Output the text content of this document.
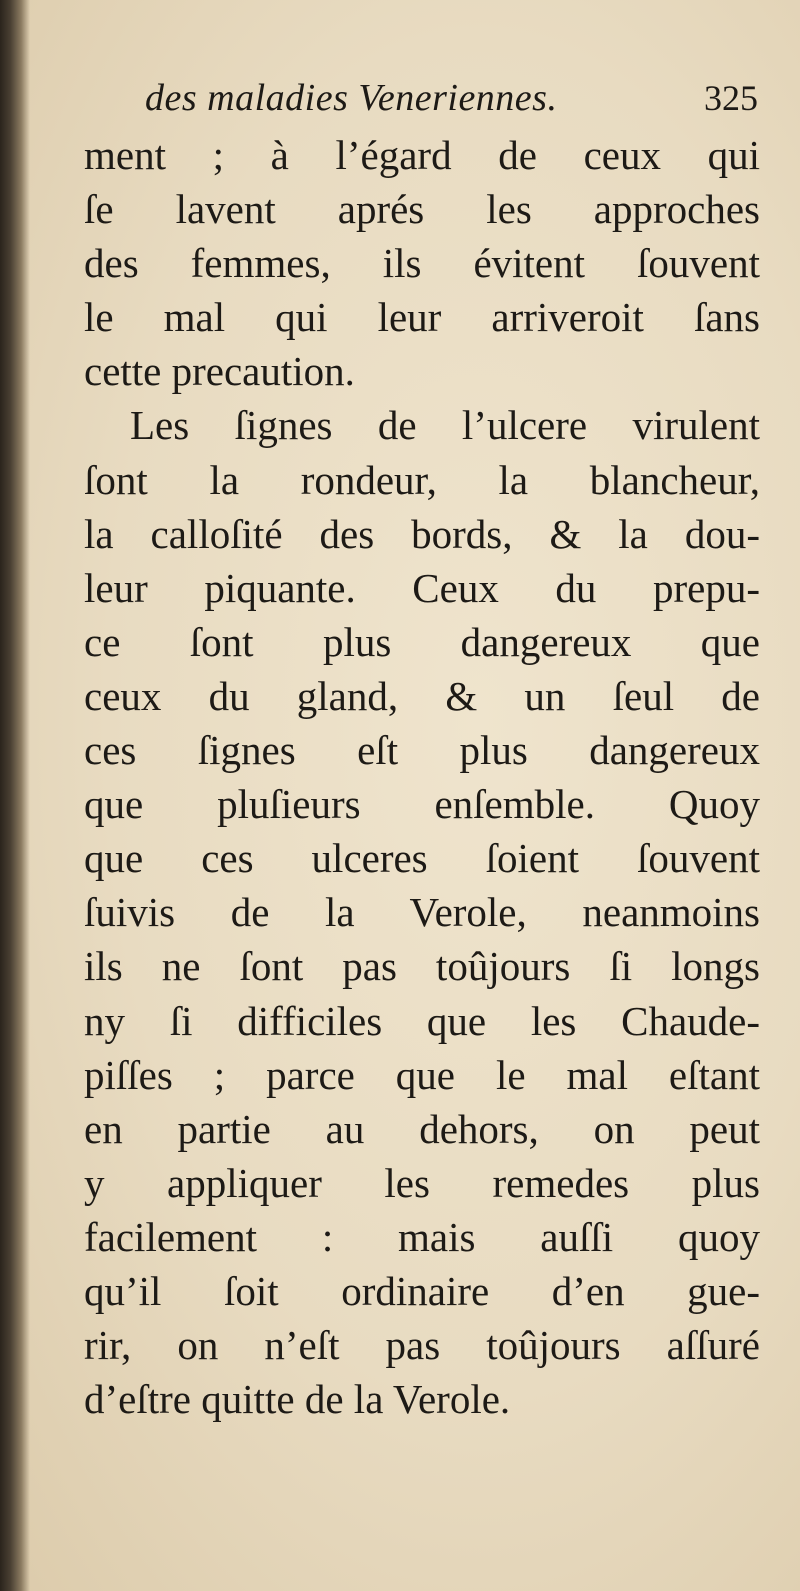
des maladies Veneriennes.	325
ment ; à l’égard de ceux qui
ſe lavent aprés les approches
des femmes, ils évitent ſouvent
le mal qui leur arriveroit ſans
cette precaution.
Les ſignes de l’ulcere virulent
ſont la rondeur, la blancheur,
la calloſité des bords, & la dou-
leur piquante. Ceux du prepu-
ce ſont plus dangereux que
ceux du gland, & un ſeul de
ces ſignes eſt plus dangereux
que pluſieurs enſemble. Quoy
que ces ulceres ſoient ſouvent
ſuivis de la Verole, neanmoins
ils ne ſont pas toûjours ſi longs
ny ſi difficiles que les Chaude-
piſſes ; parce que le mal eſtant
en partie au dehors, on peut
y appliquer les remedes plus
facilement : mais auſſi quoy
qu’il ſoit ordinaire d’en gue-
rir, on n’eſt pas toûjours aſſuré
d’eſtre quitte de la Verole.
